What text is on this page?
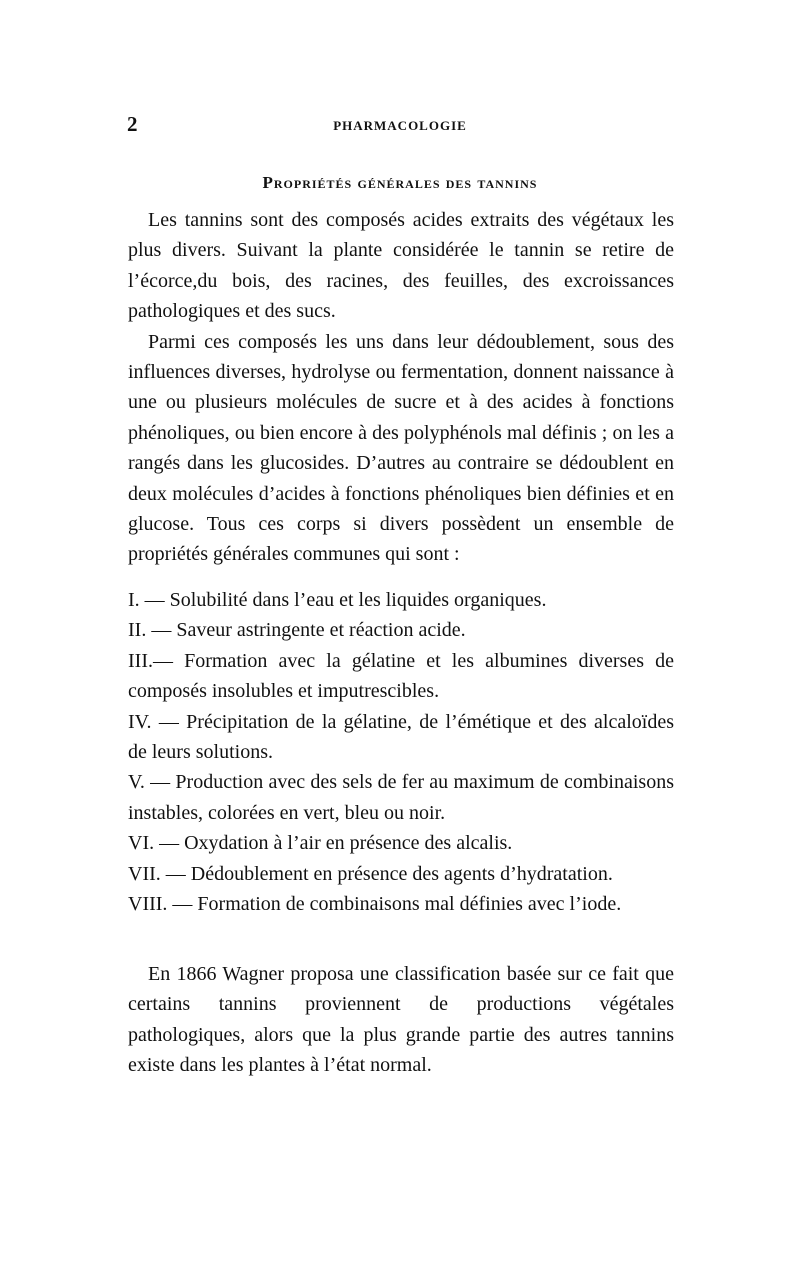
2	PHARMACOLOGIE
Propriétés générales des tannins

Les tannins sont des composés acides extraits des végétaux les plus divers. Suivant la plante considérée le tannin se retire de l’écorce,du bois, des racines, des feuilles, des excroissances pathologiques et des sucs.

Parmi ces composés les uns dans leur dédoublement, sous des influences diverses, hydrolyse ou fermentation, donnent naissance à une ou plusieurs molécules de sucre et à des acides à fonctions phénoliques, ou bien encore à des polyphénols mal définis ; on les a rangés dans les glucosides. D’autres au contraire se dédoublent en deux molécules d’acides à fonctions phénoliques bien définies et en glucose. Tous ces corps si divers possèdent un ensemble de propriétés générales communes qui sont :

I. — Solubilité dans l’eau et les liquides organiques.

II. — Saveur astringente et réaction acide.

III.— Formation avec la gélatine et les albumines diverses de composés insolubles et imputrescibles.

IV. — Précipitation de la gélatine, de l’émétique et des alcaloïdes de leurs solutions.

V. — Production avec des sels de fer au maximum de combinaisons instables, colorées en vert, bleu ou noir.

VI. — Oxydation à l’air en présence des alcalis.

VII. — Dédoublement en présence des agents d’hydratation.

VIII. — Formation de combinaisons mal définies avec l’iode.

En 1866 Wagner proposa une classification basée sur ce fait que certains tannins proviennent de productions végétales pathologiques, alors que la plus grande partie des autres tannins existe dans les plantes à l’état normal.
